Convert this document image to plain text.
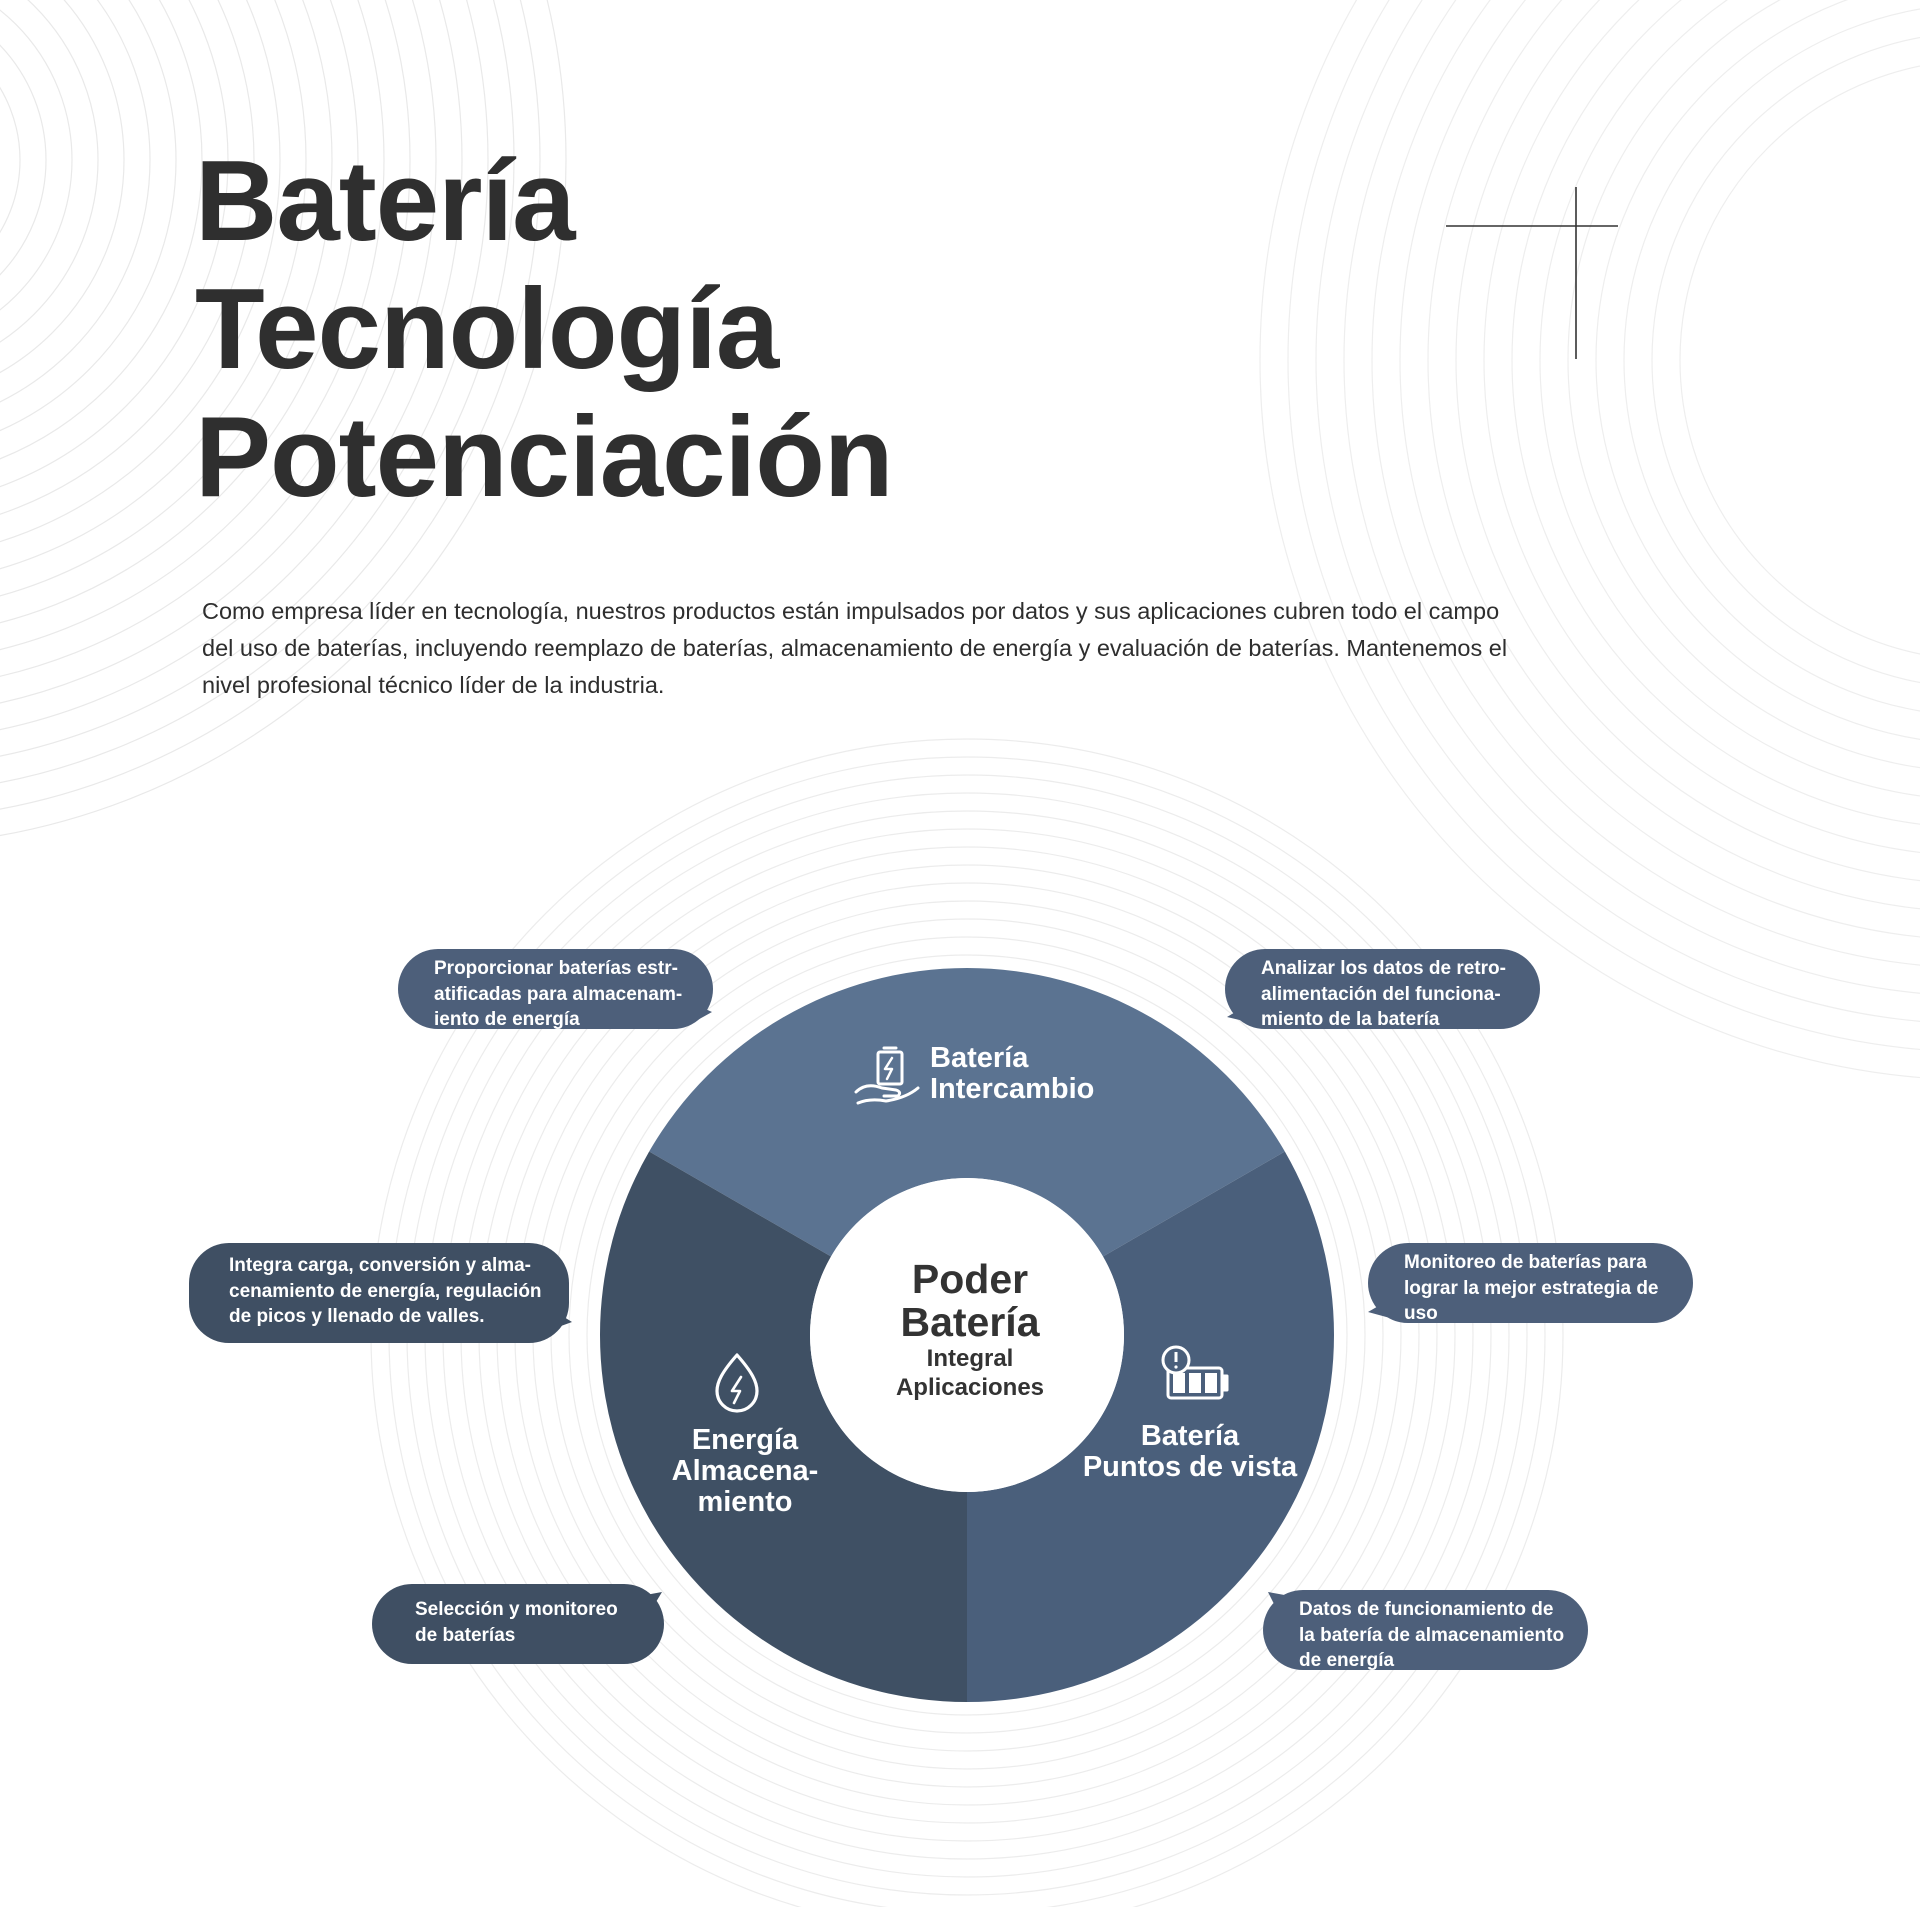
Batería
Tecnología
Potenciación

Como empresa líder en tecnología, nuestros productos están impulsados por datos y sus aplicaciones cubren todo el campo
del uso de baterías, incluyendo reemplazo de baterías, almacenamiento de energía y evaluación de baterías. Mantenemos el
nivel profesional técnico líder de la industria.

Batería
Intercambio
Batería
Puntos de vista
Energía
Almacena-
miento
Poder
Batería
Integral
Aplicaciones
Proporcionar baterías estr-
atificadas para almacenam-
iento de energía
Analizar los datos de retro-
alimentación del funciona-
miento de la batería
Integra carga, conversión y alma-
cenamiento de energía, regulación
de picos y llenado de valles.
Monitoreo de baterías para
lograr la mejor estrategia de
uso
Selección y monitoreo
de baterías
Datos de funcionamiento de
la batería de almacenamiento
de energía
